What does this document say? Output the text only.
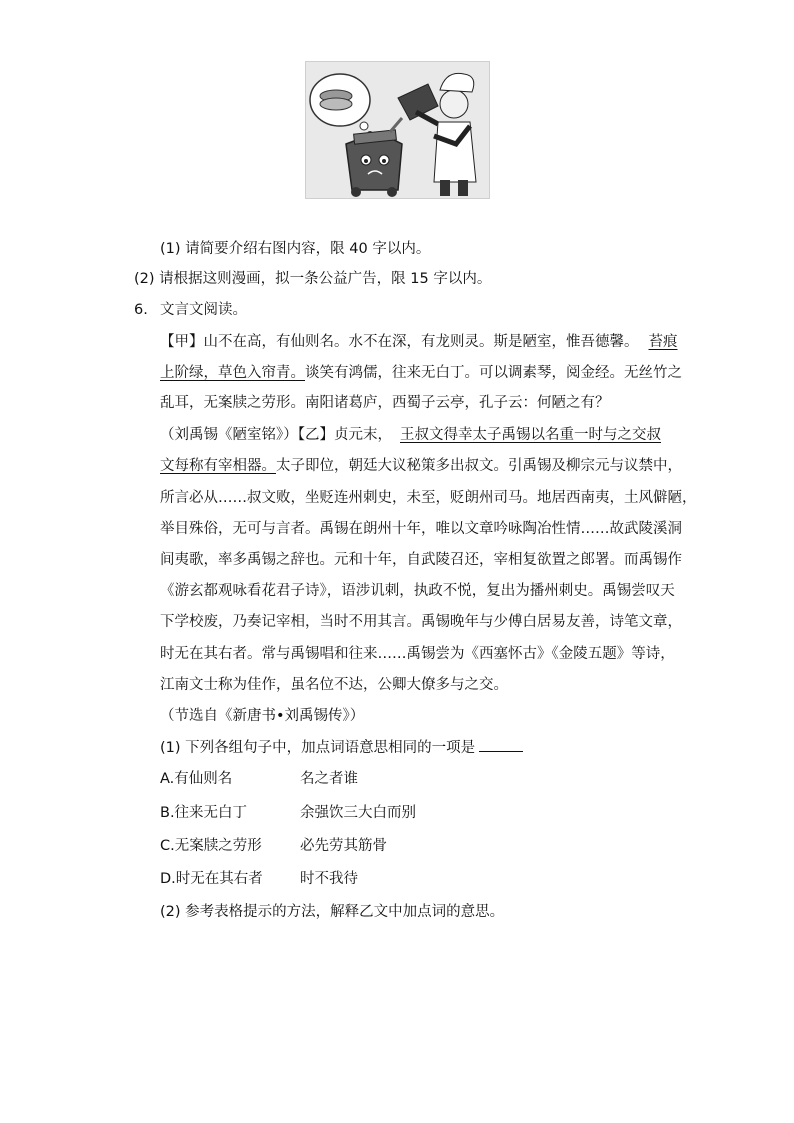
(1) 请简要介绍右图内容，限 40 字以内。
(2) 请根据这则漫画，拟一条公益广告，限 15 字以内。
6. 文言文阅读。
【甲】山不在高，有仙则名。水不在深，有龙则灵。斯是陋室，惟吾德馨。 苔痕
上阶绿，草色入帘青。谈笑有鸿儒，往来无白丁。可以调素琴，阅金经。无丝竹之
乱耳，无案牍之劳形。南阳诸葛庐，西蜀子云亭，孔子云：何陋之有？
（刘禹锡《陋室铭》）【乙】贞元末， 王叔文得幸太子禹锡以名重一时与之交叔
文每称有宰相器。太子即位，朝廷大议秘策多出叔文。引禹锡及柳宗元与议禁中，
所言必从……叔文败，坐贬连州刺史，未至，贬朗州司马。地居西南夷，土风僻陋，
举目殊俗，无可与言者。禹锡在朗州十年，唯以文章吟咏陶冶性情……故武陵溪洞
间夷歌，率多禹锡之辞也。元和十年，自武陵召还，宰相复欲置之郎署。而禹锡作
《游玄都观咏看花君子诗》，语涉讥刺，执政不悦，复出为播州刺史。禹锡尝叹天
下学校废，乃奏记宰相，当时不用其言。禹锡晚年与少傅白居易友善，诗笔文章，
时无在其右者。常与禹锡唱和往来……禹锡尝为《西塞怀古》《金陵五题》等诗，
江南文士称为佳作，虽名位不达，公卿大僚多与之交。
（节选自《新唐书•刘禹锡传》）
(1) 下列各组句子中，加点词语意思相同的一项是
A.有仙则名	名之者谁
B.往来无白丁	余强饮三大白而别
C.无案牍之劳形	必先劳其筋骨
D.时无在其右者	时不我待
(2) 参考表格提示的方法，解释乙文中加点词的意思。
